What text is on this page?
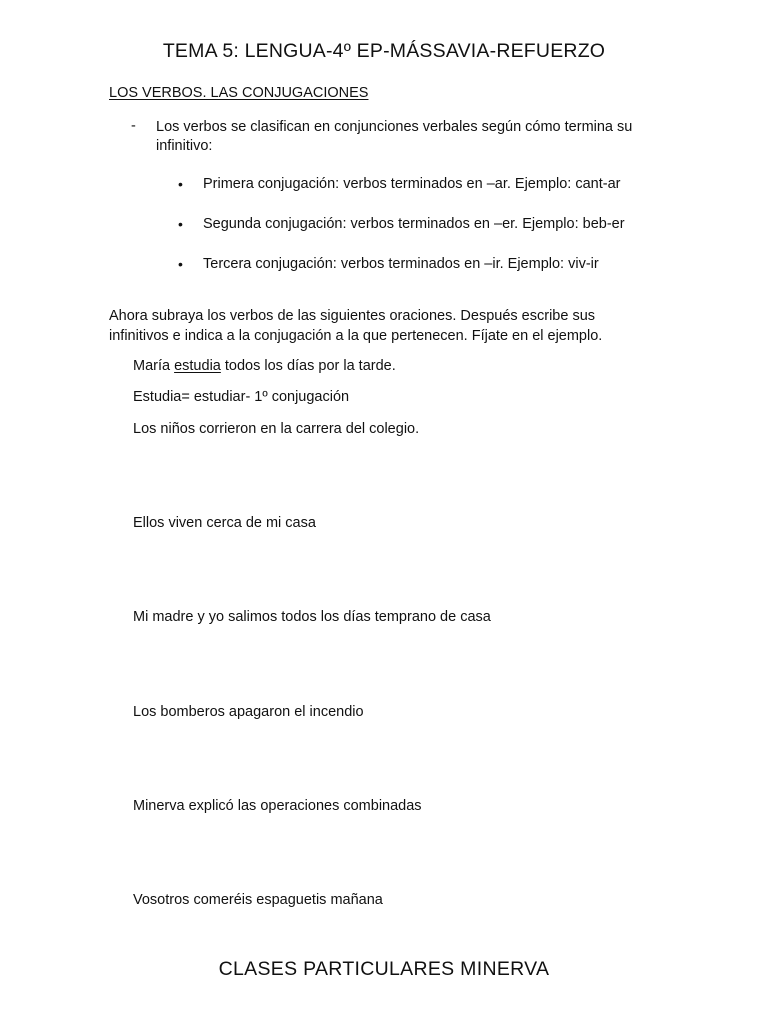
TEMA 5: LENGUA-4º EP-MÁSSAVIA-REFUERZO
LOS VERBOS. LAS CONJUGACIONES
- Los verbos se clasifican en conjunciones verbales según cómo termina su infinitivo:
• Primera conjugación: verbos terminados en –ar. Ejemplo: cant-ar
• Segunda conjugación: verbos terminados en –er. Ejemplo: beb-er
• Tercera conjugación: verbos terminados en –ir. Ejemplo: viv-ir
Ahora subraya los verbos de las siguientes oraciones. Después escribe sus infinitivos e indica a la conjugación a la que pertenecen. Fíjate en el ejemplo.
María estudia todos los días por la tarde.
Estudia= estudiar- 1º conjugación
Los niños corrieron en la carrera del colegio.
Ellos viven cerca de mi casa
Mi madre y yo salimos todos los días temprano de casa
Los bomberos apagaron el incendio
Minerva explicó las operaciones combinadas
Vosotros comeréis espaguetis mañana
CLASES PARTICULARES MINERVA
